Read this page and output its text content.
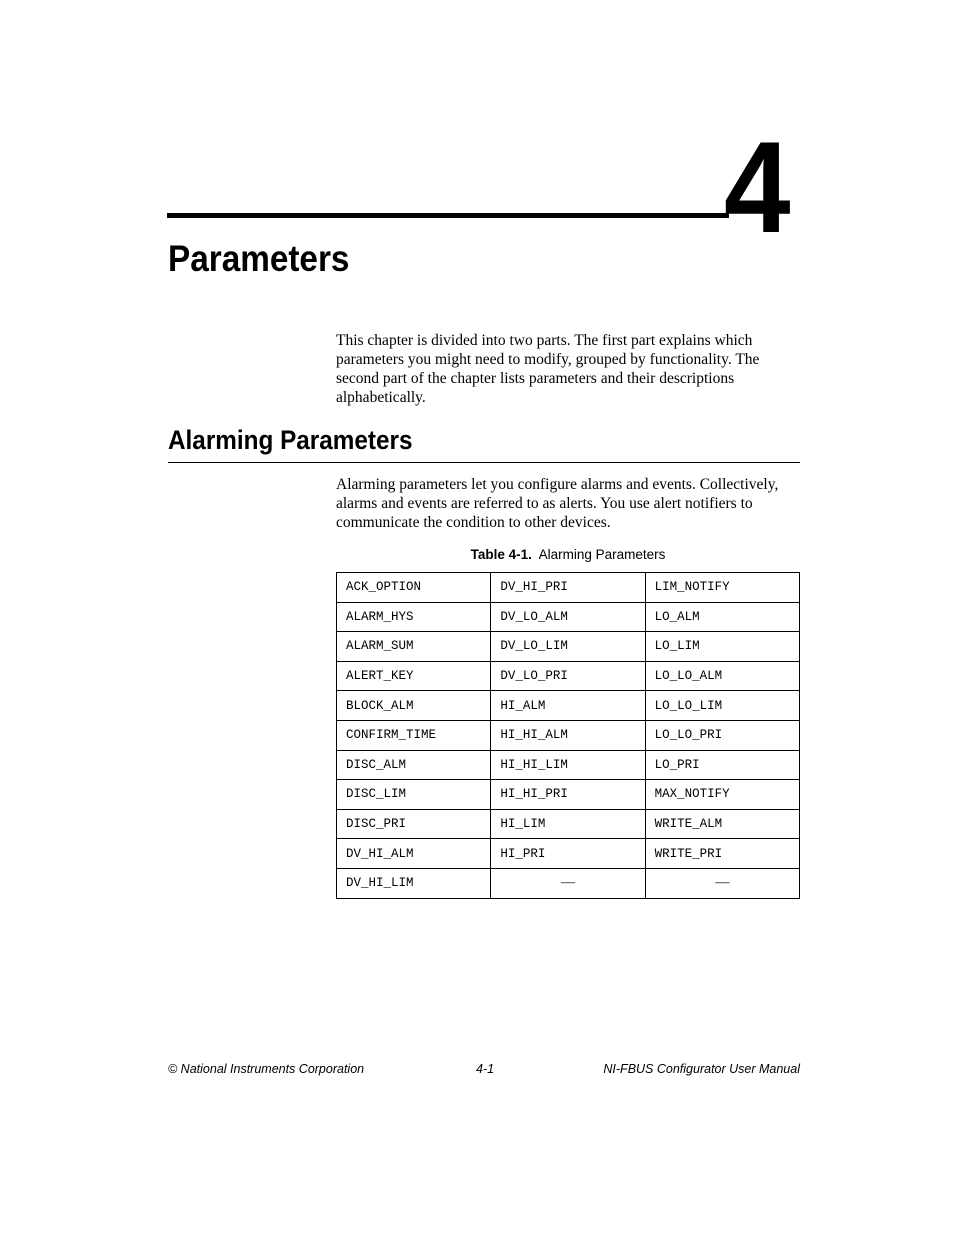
4
Parameters

This chapter is divided into two parts. The first part explains which parameters you might need to modify, grouped by functionality. The second part of the chapter lists parameters and their descriptions alphabetically.

Alarming Parameters

Alarming parameters let you configure alarms and events. Collectively, alarms and events are referred to as alerts. You use alert notifiers to communicate the condition to other devices.

Table 4-1. Alarming Parameters
ACK_OPTION	DV_HI_PRI	LIM_NOTIFY
ALARM_HYS	DV_LO_ALM	LO_ALM
ALARM_SUM	DV_LO_LIM	LO_LIM
ALERT_KEY	DV_LO_PRI	LO_LO_ALM
BLOCK_ALM	HI_ALM	LO_LO_LIM
CONFIRM_TIME	HI_HI_ALM	LO_LO_PRI
DISC_ALM	HI_HI_LIM	LO_PRI
DISC_LIM	HI_HI_PRI	MAX_NOTIFY
DISC_PRI	HI_LIM	WRITE_ALM
DV_HI_ALM	HI_PRI	WRITE_PRI
DV_HI_LIM	—	—
© National Instruments Corporation	4-1	NI-FBUS Configurator User Manual
